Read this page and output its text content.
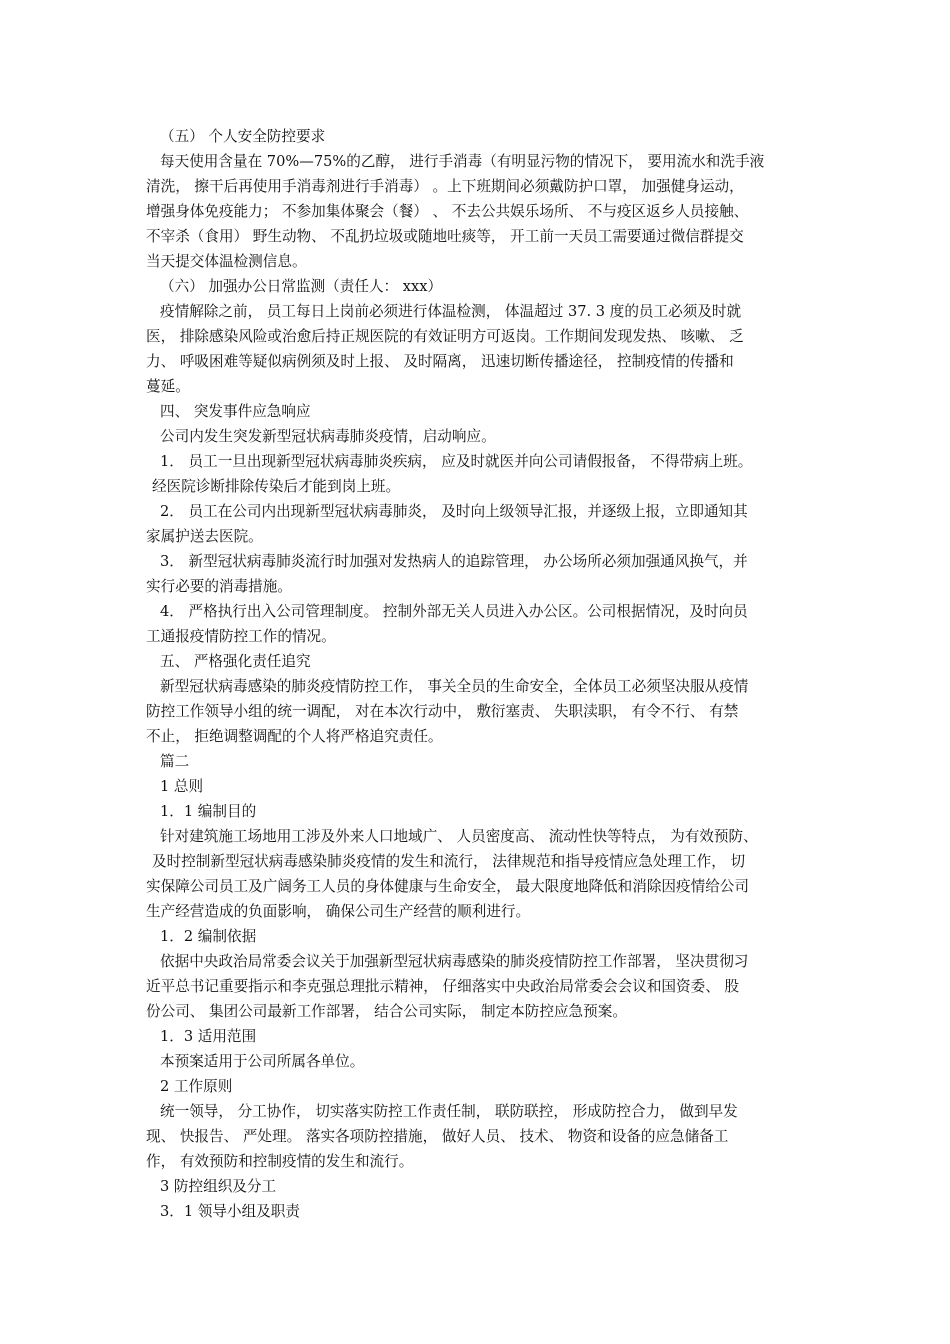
（五） 个人安全防控要求
每天使用含量在 70%—75%的乙醇， 进行手消毒（有明显污物的情况下， 要用流水和洗手液
清洗， 擦干后再使用手消毒剂进行手消毒） 。上下班期间必须戴防护口罩， 加强健身运动，
增强身体免疫能力； 不参加集体聚会（餐） 、 不去公共娱乐场所、 不与疫区返乡人员接触、
不宰杀（食用） 野生动物、 不乱扔垃圾或随地吐痰等， 开工前一天员工需要通过微信群提交
当天提交体温检测信息。
（六） 加强办公日常监测（责任人： xxx）
疫情解除之前， 员工每日上岗前必须进行体温检测， 体温超过 37. 3 度的员工必须及时就
医， 排除感染风险或治愈后持正规医院的有效证明方可返岗。工作期间发现发热、 咳嗽、 乏
力、 呼吸困难等疑似病例须及时上报、 及时隔离， 迅速切断传播途径， 控制疫情的传播和
蔓延。
四、 突发事件应急响应
公司内发生突发新型冠状病毒肺炎疫情，启动响应。
1． 员工一旦出现新型冠状病毒肺炎疾病， 应及时就医并向公司请假报备， 不得带病上班。
经医院诊断排除传染后才能到岗上班。
2． 员工在公司内出现新型冠状病毒肺炎， 及时向上级领导汇报，并逐级上报，立即通知其
家属护送去医院。
3． 新型冠状病毒肺炎流行时加强对发热病人的追踪管理， 办公场所必须加强通风换气，并
实行必要的消毒措施。
4． 严格执行出入公司管理制度。 控制外部无关人员进入办公区。公司根据情况，及时向员
工通报疫情防控工作的情况。
五、 严格强化责任追究
新型冠状病毒感染的肺炎疫情防控工作， 事关全员的生命安全，全体员工必须坚决服从疫情
防控工作领导小组的统一调配， 对在本次行动中， 敷衍塞责、 失职渎职， 有令不行、 有禁
不止， 拒绝调整调配的个人将严格追究责任。
篇二
1 总则
1．1 编制目的
针对建筑施工场地用工涉及外来人口地域广、 人员密度高、 流动性快等特点， 为有效预防、
及时控制新型冠状病毒感染肺炎疫情的发生和流行， 法律规范和指导疫情应急处理工作， 切
实保障公司员工及广阔务工人员的身体健康与生命安全， 最大限度地降低和消除因疫情给公司
生产经营造成的负面影响， 确保公司生产经营的顺利进行。
1．2 编制依据
依据中央政治局常委会议关于加强新型冠状病毒感染的肺炎疫情防控工作部署， 坚决贯彻习
近平总书记重要指示和李克强总理批示精神， 仔细落实中央政治局常委会会议和国资委、 股
份公司、 集团公司最新工作部署， 结合公司实际， 制定本防控应急预案。
1．3 适用范围
本预案适用于公司所属各单位。
2 工作原则
统一领导， 分工协作， 切实落实防控工作责任制， 联防联控， 形成防控合力， 做到早发
现、 快报告、 严处理。 落实各项防控措施， 做好人员、 技术、 物资和设备的应急储备工
作， 有效预防和控制疫情的发生和流行。
3 防控组织及分工
3．1 领导小组及职责
